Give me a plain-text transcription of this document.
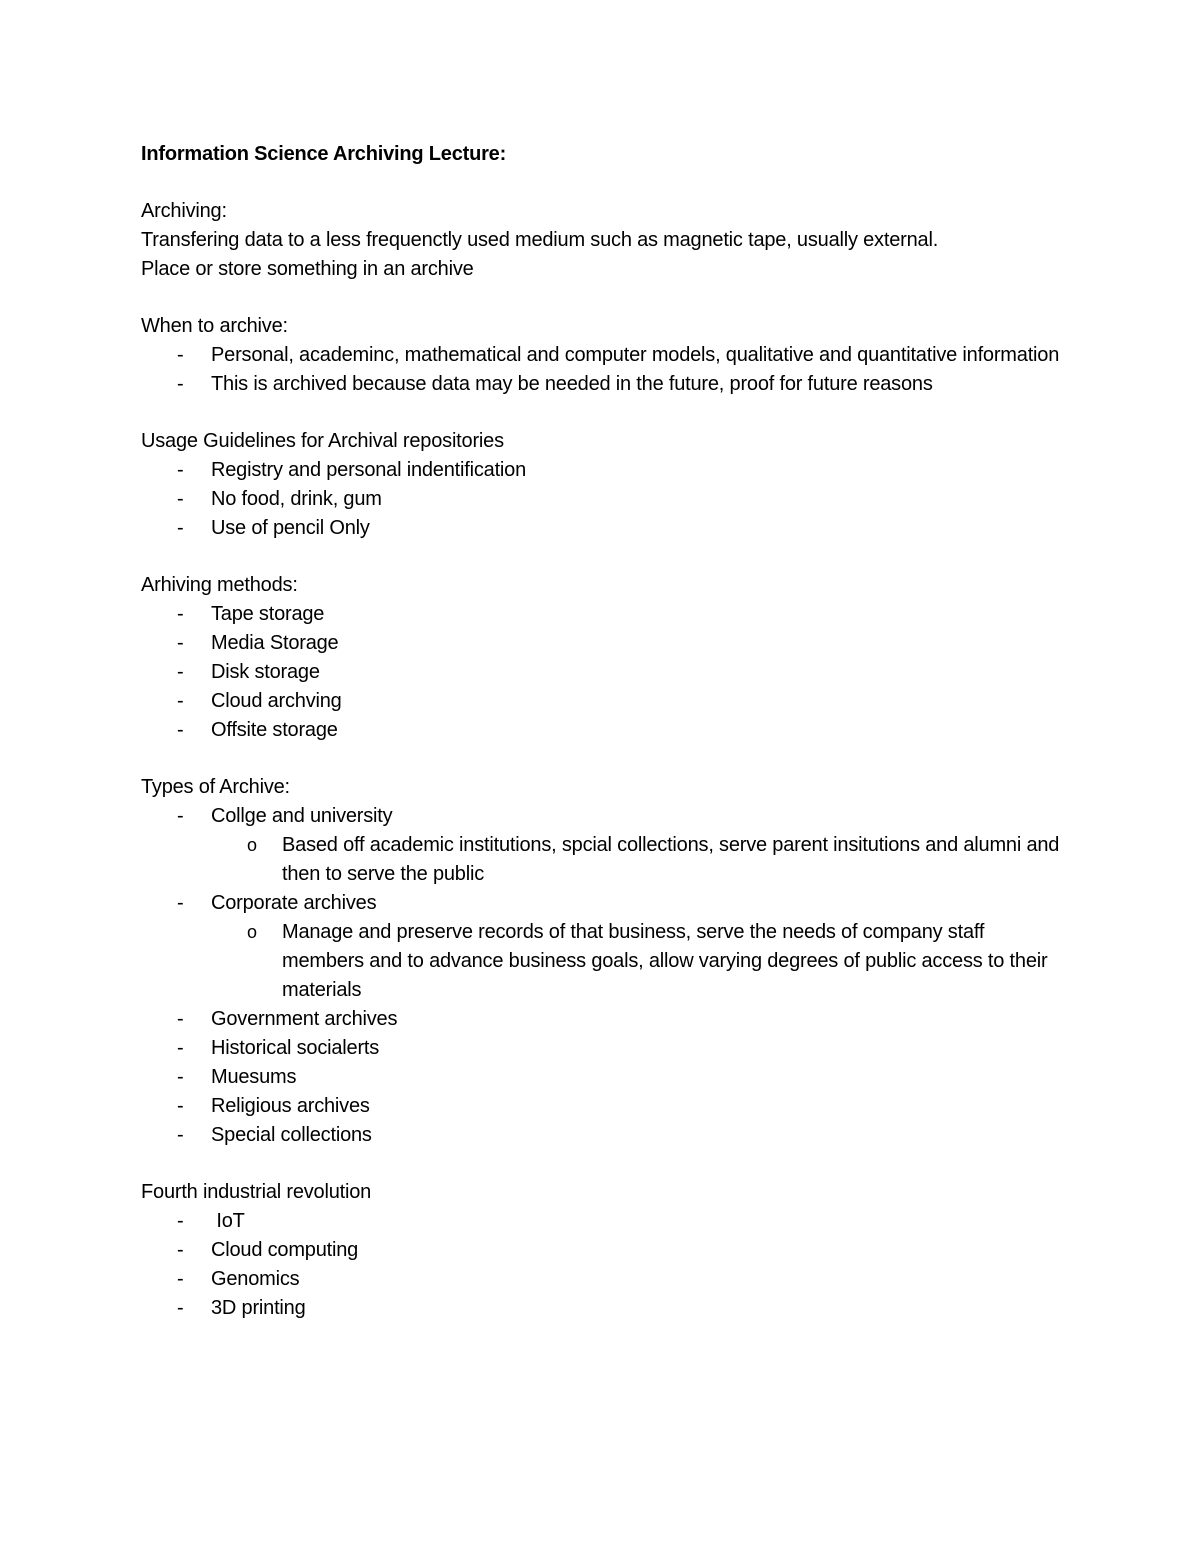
Information Science Archiving Lecture:
Archiving:
Transfering data to a less frequenctly used medium such as magnetic tape, usually external.
Place or store something in an archive
When to archive:
- Personal, academinc, mathematical and computer models, qualitative and quantitative information
- This is archived because data may be needed in the future, proof for future reasons
Usage Guidelines for Archival repositories
- Registry and personal indentification
- No food, drink, gum
- Use of pencil Only
Arhiving methods:
- Tape storage
- Media Storage
- Disk storage
- Cloud archving
- Offsite storage
Types of Archive:
- Collge and university
o Based off academic institutions, spcial collections, serve parent insitutions and alumni and then to serve the public
- Corporate archives
o Manage and preserve records of that business, serve the needs of company staff members and to advance business goals, allow varying degrees of public access to their materials
- Government archives
- Historical socialerts
- Muesums
- Religious archives
- Special collections
Fourth industrial revolution
- IoT
- Cloud computing
- Genomics
- 3D printing
